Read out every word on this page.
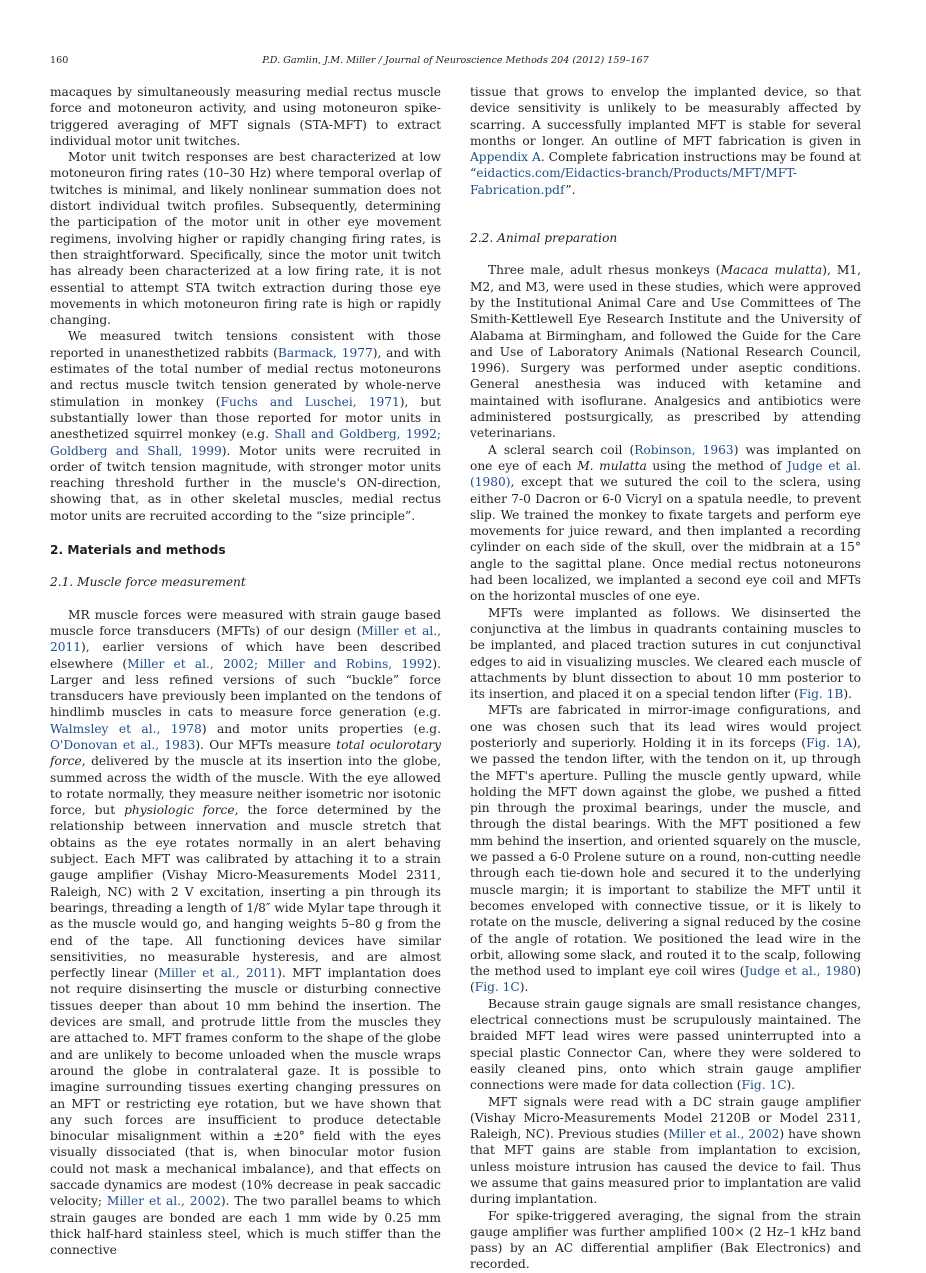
160	P.D. Gamlin, J.M. Miller / Journal of Neuroscience Methods 204 (2012) 159–167

macaques by simultaneously measuring medial rectus muscle force and motoneuron activity, and using motoneuron spike-triggered averaging of MFT signals (STA-MFT) to extract individual motor unit twitches.

Motor unit twitch responses are best characterized at low motoneuron firing rates (10–30 Hz) where temporal overlap of twitches is minimal, and likely nonlinear summation does not distort individual twitch profiles. Subsequently, determining the participation of the motor unit in other eye movement regimens, involving higher or rapidly changing firing rates, is then straightforward. Specifically, since the motor unit twitch has already been characterized at a low firing rate, it is not essential to attempt STA twitch extraction during those eye movements in which motoneuron firing rate is high or rapidly changing.

We measured twitch tensions consistent with those reported in unanesthetized rabbits (Barmack, 1977), and with estimates of the total number of medial rectus motoneurons and rectus muscle twitch tension generated by whole-nerve stimulation in monkey (Fuchs and Luschei, 1971), but substantially lower than those reported for motor units in anesthetized squirrel monkey (e.g. Shall and Goldberg, 1992; Goldberg and Shall, 1999). Motor units were recruited in order of twitch tension magnitude, with stronger motor units reaching threshold further in the muscle's ON-direction, showing that, as in other skeletal muscles, medial rectus motor units are recruited according to the “size principle”.

2. Materials and methods
2.1. Muscle force measurement

MR muscle forces were measured with strain gauge based muscle force transducers (MFTs) of our design (Miller et al., 2011), earlier versions of which have been described elsewhere (Miller et al., 2002; Miller and Robins, 1992). Larger and less refined versions of such “buckle” force transducers have previously been implanted on the tendons of hindlimb muscles in cats to measure force generation (e.g. Walmsley et al., 1978) and motor units properties (e.g. O'Donovan et al., 1983). Our MFTs measure total oculorotary force, delivered by the muscle at its insertion into the globe, summed across the width of the muscle. With the eye allowed to rotate normally, they measure neither isometric nor isotonic force, but physiologic force, the force determined by the relationship between innervation and muscle stretch that obtains as the eye rotates normally in an alert behaving subject. Each MFT was calibrated by attaching it to a strain gauge amplifier (Vishay Micro-Measurements Model 2311, Raleigh, NC) with 2 V excitation, inserting a pin through its bearings, threading a length of 1/8″ wide Mylar tape through it as the muscle would go, and hanging weights 5–80 g from the end of the tape. All functioning devices have similar sensitivities, no measurable hysteresis, and are almost perfectly linear (Miller et al., 2011). MFT implantation does not require disinserting the muscle or disturbing connective tissues deeper than about 10 mm behind the insertion. The devices are small, and protrude little from the muscles they are attached to. MFT frames conform to the shape of the globe and are unlikely to become unloaded when the muscle wraps around the globe in contralateral gaze. It is possible to imagine surrounding tissues exerting changing pressures on an MFT or restricting eye rotation, but we have shown that any such forces are insufficient to produce detectable binocular misalignment within a ±20° field with the eyes visually dissociated (that is, when binocular motor fusion could not mask a mechanical imbalance), and that effects on saccade dynamics are modest (10% decrease in peak saccadic velocity; Miller et al., 2002). The two parallel beams to which strain gauges are bonded are each 1 mm wide by 0.25 mm thick half-hard stainless steel, which is much stiffer than the connective

tissue that grows to envelop the implanted device, so that device sensitivity is unlikely to be measurably affected by scarring. A successfully implanted MFT is stable for several months or longer. An outline of MFT fabrication is given in Appendix A. Complete fabrication instructions may be found at “eidactics.com/Eidactics-branch/Products/MFT/MFT-Fabrication.pdf”.

2.2. Animal preparation

Three male, adult rhesus monkeys (Macaca mulatta), M1, M2, and M3, were used in these studies, which were approved by the Institutional Animal Care and Use Committees of The Smith-Kettlewell Eye Research Institute and the University of Alabama at Birmingham, and followed the Guide for the Care and Use of Laboratory Animals (National Research Council, 1996). Surgery was performed under aseptic conditions. General anesthesia was induced with ketamine and maintained with isoflurane. Analgesics and antibiotics were administered postsurgically, as prescribed by attending veterinarians.

A scleral search coil (Robinson, 1963) was implanted on one eye of each M. mulatta using the method of Judge et al. (1980), except that we sutured the coil to the sclera, using either 7-0 Dacron or 6-0 Vicryl on a spatula needle, to prevent slip. We trained the monkey to fixate targets and perform eye movements for juice reward, and then implanted a recording cylinder on each side of the skull, over the midbrain at a 15° angle to the sagittal plane. Once medial rectus notoneurons had been localized, we implanted a second eye coil and MFTs on the horizontal muscles of one eye.

MFTs were implanted as follows. We disinserted the conjunctiva at the limbus in quadrants containing muscles to be implanted, and placed traction sutures in cut conjunctival edges to aid in visualizing muscles. We cleared each muscle of attachments by blunt dissection to about 10 mm posterior to its insertion, and placed it on a special tendon lifter (Fig. 1B).

MFTs are fabricated in mirror-image configurations, and one was chosen such that its lead wires would project posteriorly and superiorly. Holding it in its forceps (Fig. 1A), we passed the tendon lifter, with the tendon on it, up through the MFT's aperture. Pulling the muscle gently upward, while holding the MFT down against the globe, we pushed a fitted pin through the proximal bearings, under the muscle, and through the distal bearings. With the MFT positioned a few mm behind the insertion, and oriented squarely on the muscle, we passed a 6-0 Prolene suture on a round, non-cutting needle through each tie-down hole and secured it to the underlying muscle margin; it is important to stabilize the MFT until it becomes enveloped with connective tissue, or it is likely to rotate on the muscle, delivering a signal reduced by the cosine of the angle of rotation. We positioned the lead wire in the orbit, allowing some slack, and routed it to the scalp, following the method used to implant eye coil wires (Judge et al., 1980) (Fig. 1C).

Because strain gauge signals are small resistance changes, electrical connections must be scrupulously maintained. The braided MFT lead wires were passed uninterrupted into a special plastic Connector Can, where they were soldered to easily cleaned pins, onto which strain gauge amplifier connections were made for data collection (Fig. 1C).

MFT signals were read with a DC strain gauge amplifier (Vishay Micro-Measurements Model 2120B or Model 2311, Raleigh, NC). Previous studies (Miller et al., 2002) have shown that MFT gains are stable from implantation to excision, unless moisture intrusion has caused the device to fail. Thus we assume that gains measured prior to implantation are valid during implantation.

For spike-triggered averaging, the signal from the strain gauge amplifier was further amplified 100× (2 Hz–1 kHz band pass) by an AC differential amplifier (Bak Electronics) and recorded.
